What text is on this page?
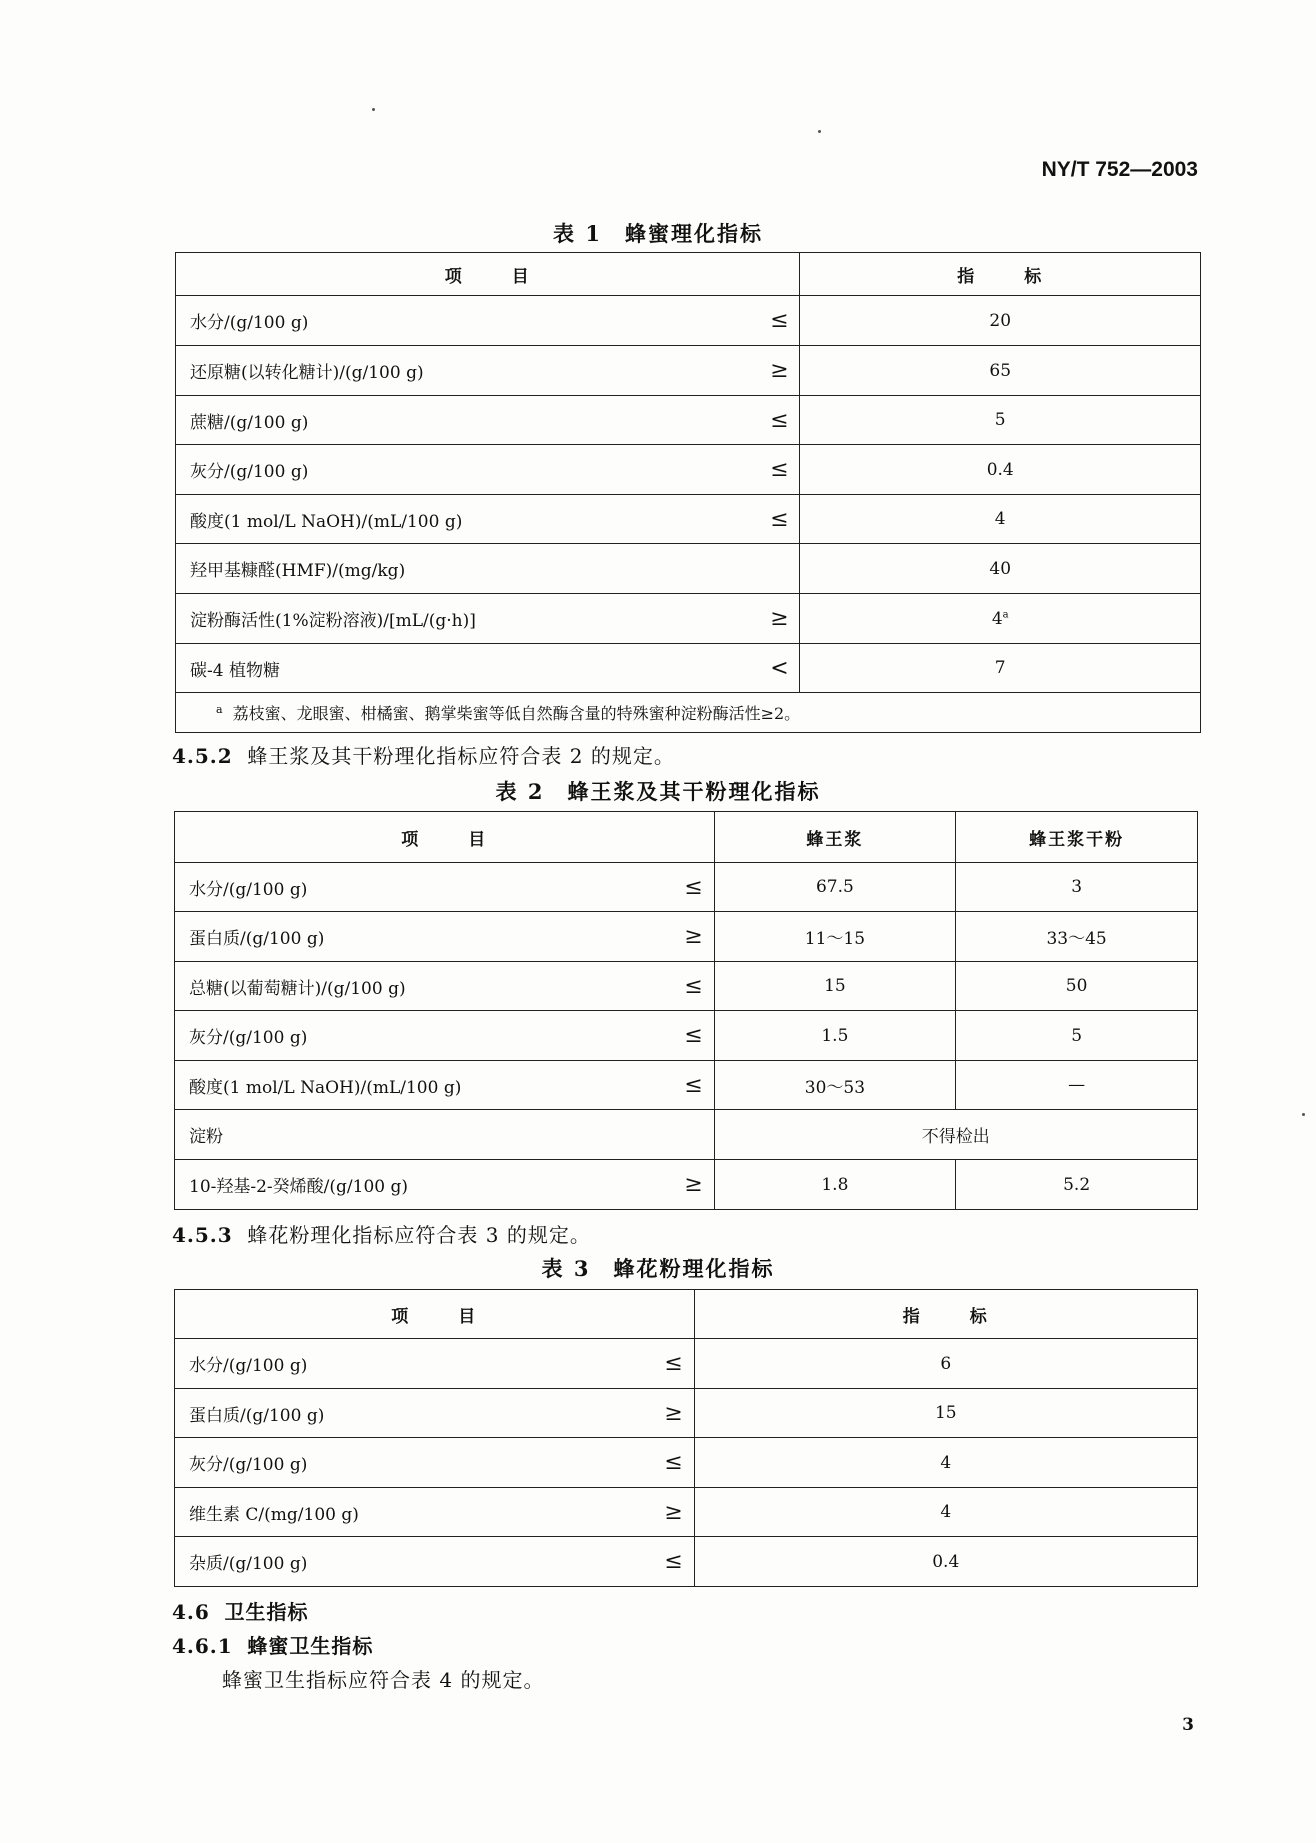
NY/T 752—2003
表 1　蜂蜜理化指标
项 目	指 标

水分/(g/100 g) ≤	20

还原糖(以转化糖计)/(g/100 g) ≥	65

蔗糖/(g/100 g) ≤	5

灰分/(g/100 g) ≤	0.4

酸度(1 mol/L NaOH)/(mL/100 g) ≤	4

羟甲基糠醛(HMF)/(mg/kg)	40

淀粉酶活性(1%淀粉溶液)/[mL/(g·h)] ≥	$4^a$

碳-4 植物糖 <	7
$^a$ 荔枝蜜、龙眼蜜、柑橘蜜、鹅掌柴蜜等低自然酶含量的特殊蜜种淀粉酶活性≥2。	
4.5.2 蜂王浆及其干粉理化指标应符合表 2 的规定。
表 2　蜂王浆及其干粉理化指标
项 目	蜂王浆	蜂王浆干粉

水分/(g/100 g) ≤	67.5	3

蛋白质/(g/100 g) ≥	11～15	33～45

总糖(以葡萄糖计)/(g/100 g) ≤	15	50

灰分/(g/100 g) ≤	1.5	5

酸度(1 mol/L NaOH)/(mL/100 g) ≤	30～53	—
淀粉	不得检出	

10-羟基-2-癸烯酸/(g/100 g) ≥	1.8	5.2
4.5.3 蜂花粉理化指标应符合表 3 的规定。
表 3　蜂花粉理化指标
项 目	指 标

水分/(g/100 g) ≤	6

蛋白质/(g/100 g) ≥	15

灰分/(g/100 g) ≤	4

维生素 C/(mg/100 g) ≥	4

杂质/(g/100 g) ≤	0.4
4.6 卫生指标
4.6.1 蜂蜜卫生指标
蜂蜜卫生指标应符合表 4 的规定。
3
